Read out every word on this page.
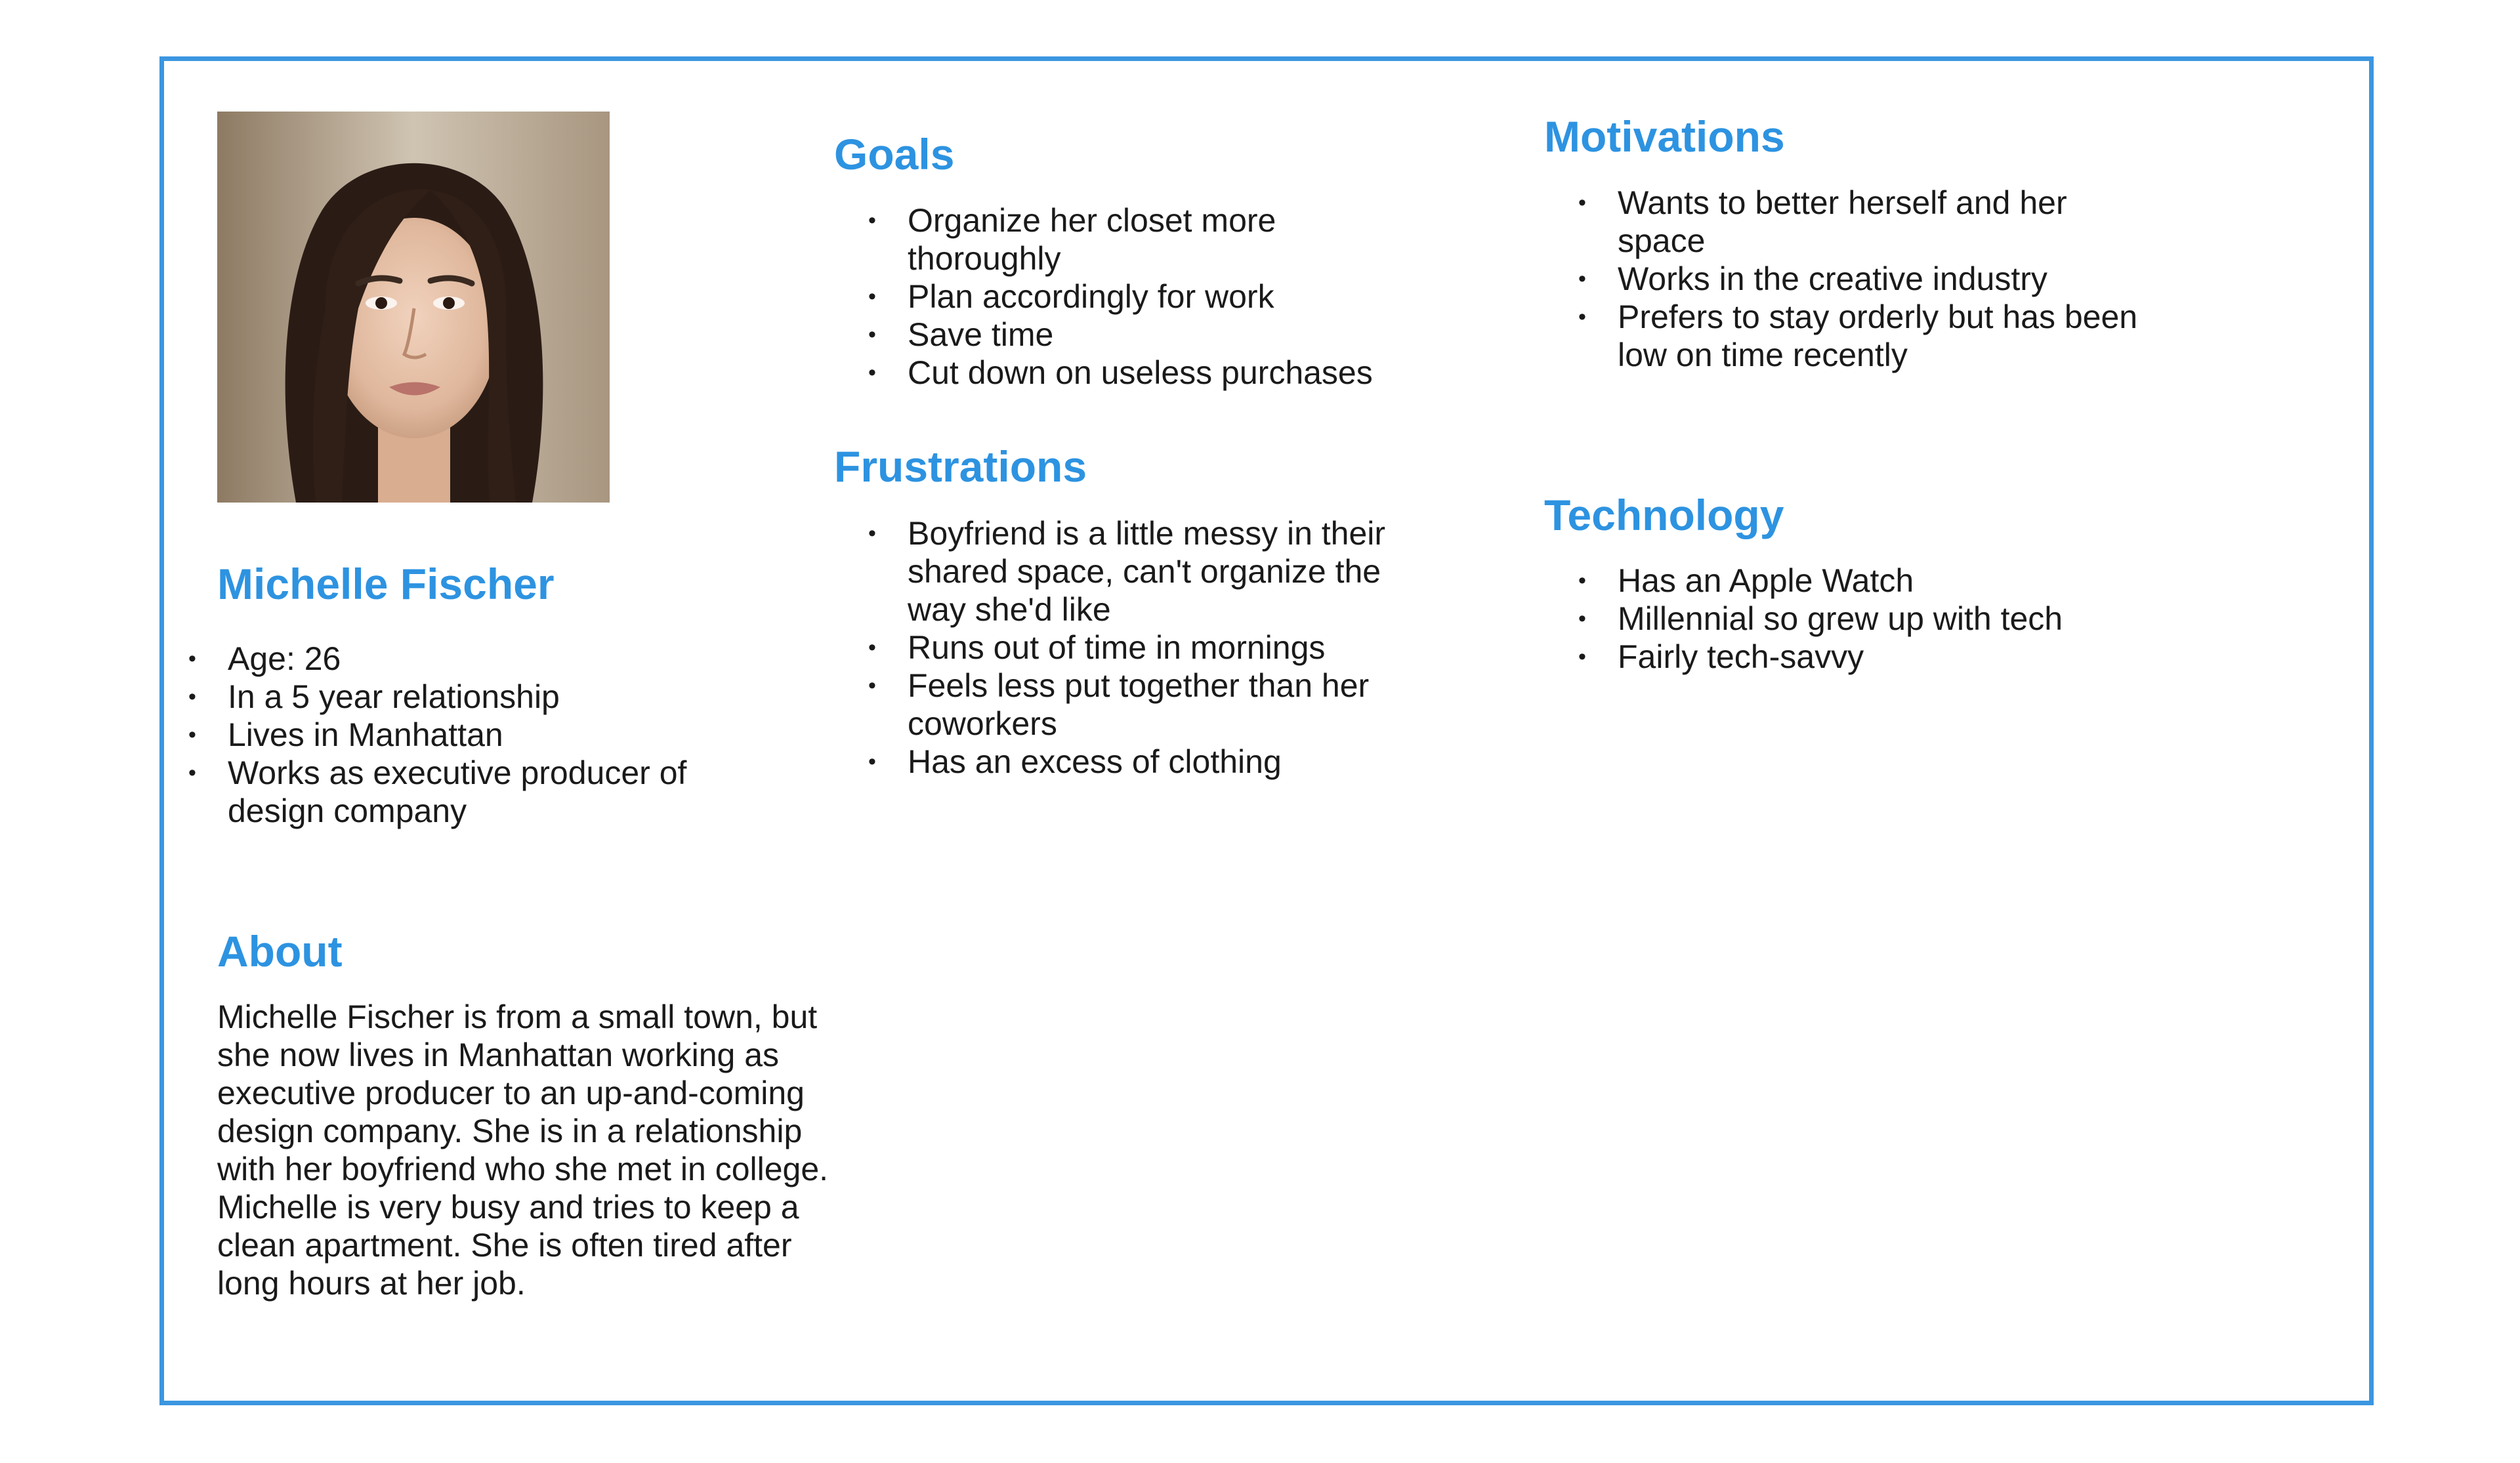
Michelle Fischer
• Age: 26
• In a 5 year relationship
• Lives in Manhattan
• Works as executive producer of design company
About

Michelle Fischer is from a small town, but she now lives in Manhattan working as executive producer to an up-and-coming design company. She is in a relationship with her boyfriend who she met in college. Michelle is very busy and tries to keep a clean apartment. She is often tired after long hours at her job.

Goals
• Organize her closet more thoroughly
• Plan accordingly for work
• Save time
• Cut down on useless purchases
Frustrations
• Boyfriend is a little messy in their shared space, can't organize the way she'd like
• Runs out of time in mornings
• Feels less put together than her coworkers
• Has an excess of clothing
Motivations
• Wants to better herself and her space
• Works in the creative industry
• Prefers to stay orderly but has been low on time recently
Technology
• Has an Apple Watch
• Millennial so grew up with tech
• Fairly tech-savvy
